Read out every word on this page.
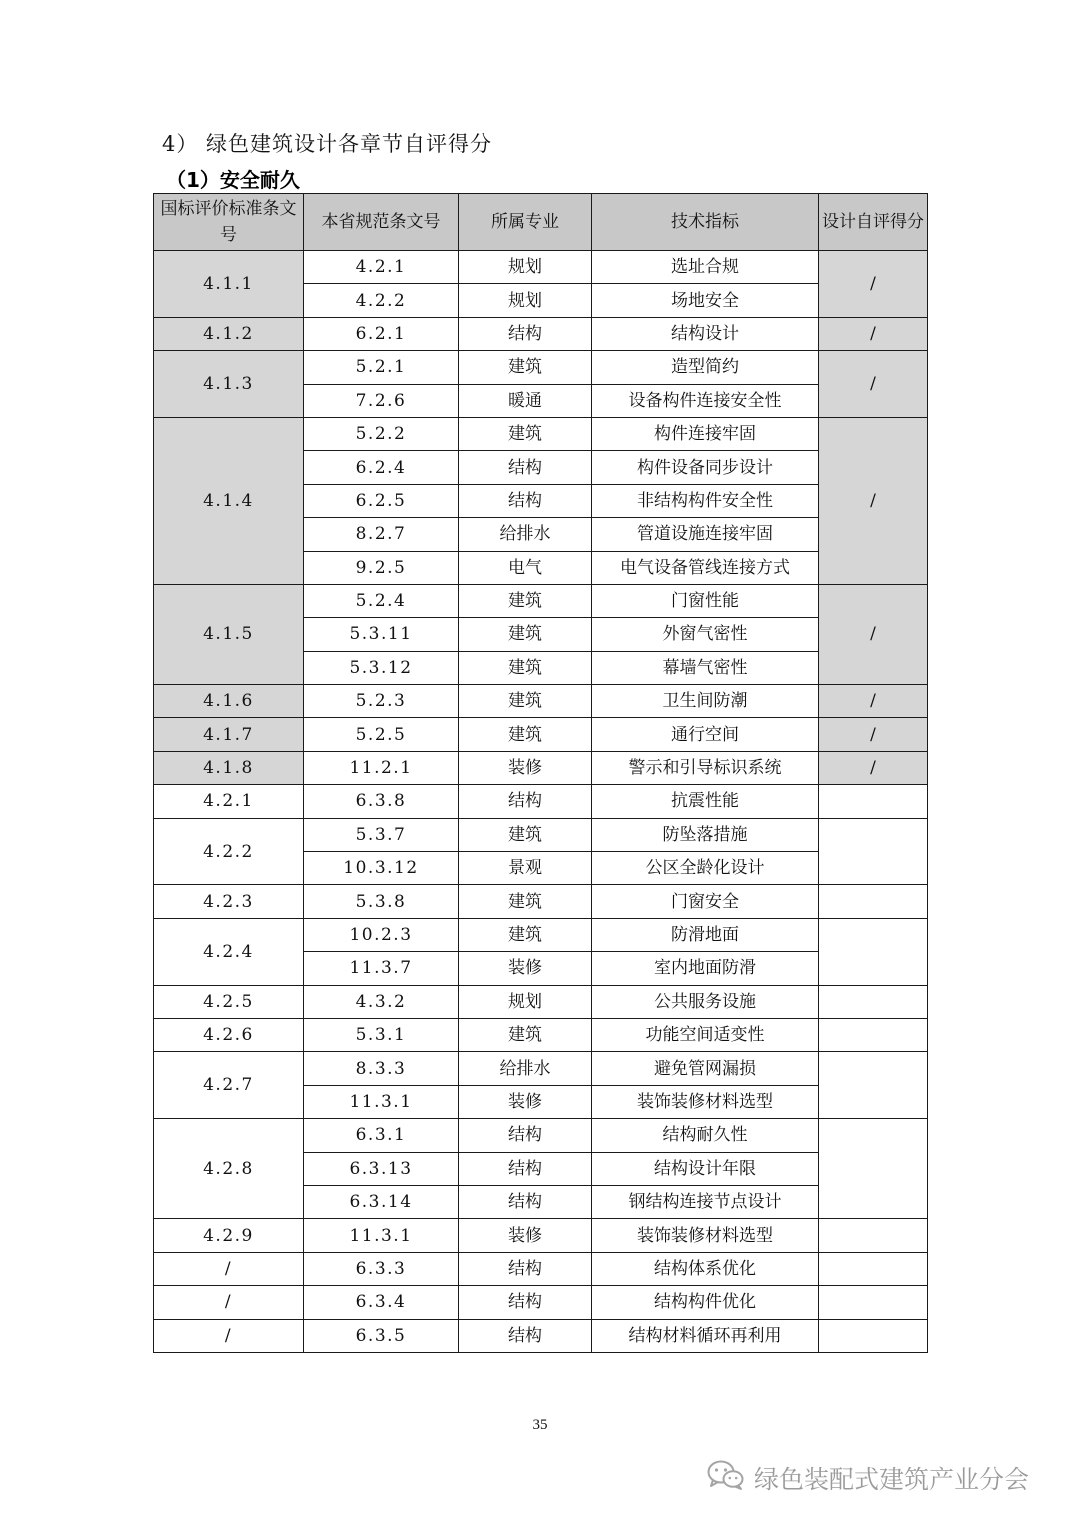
4） 绿色建筑设计各章节自评得分
（1）安全耐久
国标评价标准条文号	本省规范条文号	所属专业	技术指标	设计自评得分
4.1.1	4.2.1	规划	选址合规	/
	4.2.2	规划	场地安全	
4.1.2	6.2.1	结构	结构设计	/
4.1.3	5.2.1	建筑	造型简约	/
	7.2.6	暖通	设备构件连接安全性	
4.1.4	5.2.2	建筑	构件连接牢固	/
	6.2.4	结构	构件设备同步设计	
	6.2.5	结构	非结构构件安全性	
	8.2.7	给排水	管道设施连接牢固	
	9.2.5	电气	电气设备管线连接方式	
4.1.5	5.2.4	建筑	门窗性能	/
	5.3.11	建筑	外窗气密性	
	5.3.12	建筑	幕墙气密性	
4.1.6	5.2.3	建筑	卫生间防潮	/
4.1.7	5.2.5	建筑	通行空间	/
4.1.8	11.2.1	装修	警示和引导标识系统	/
4.2.1	6.3.8	结构	抗震性能	
4.2.2	5.3.7	建筑	防坠落措施	
	10.3.12	景观	公区全龄化设计	
4.2.3	5.3.8	建筑	门窗安全	
4.2.4	10.2.3	建筑	防滑地面	
	11.3.7	装修	室内地面防滑	
4.2.5	4.3.2	规划	公共服务设施	
4.2.6	5.3.1	建筑	功能空间适变性	
4.2.7	8.3.3	给排水	避免管网漏损	
	11.3.1	装修	装饰装修材料选型	
4.2.8	6.3.1	结构	结构耐久性	
	6.3.13	结构	结构设计年限	
	6.3.14	结构	钢结构连接节点设计	
4.2.9	11.3.1	装修	装饰装修材料选型	
/	6.3.3	结构	结构体系优化	
/	6.3.4	结构	结构构件优化	
/	6.3.5	结构	结构材料循环再利用	
35
绿色装配式建筑产业分会
